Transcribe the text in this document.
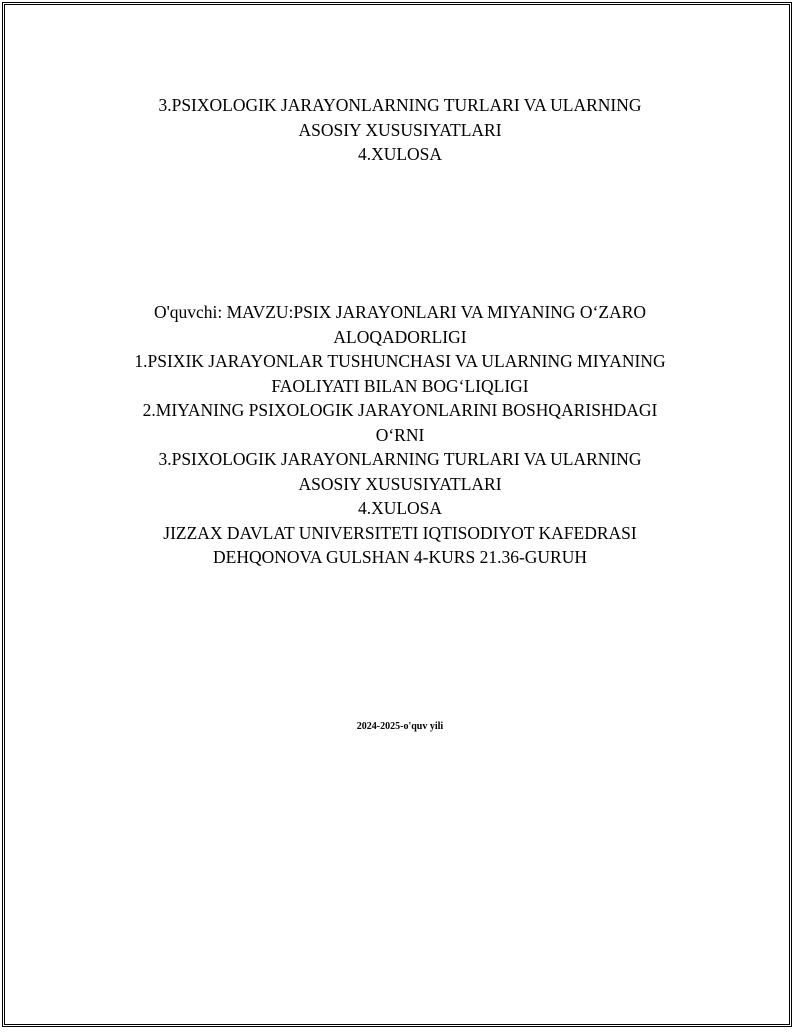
3.PSIXOLOGIK JARAYONLARNING TURLARI VA ULARNING
ASOSIY XUSUSIYATLARI
4.XULOSA
O'quvchi: MAVZU:PSIX JARAYONLARI VA MIYANING O‘ZARO
ALOQADORLIGI
1.PSIXIK JARAYONLAR TUSHUNCHASI VA ULARNING MIYANING
FAOLIYATI BILAN BOG‘LIQLIGI
2.MIYANING PSIXOLOGIK JARAYONLARINI BOSHQARISHDAGI
O‘RNI
3.PSIXOLOGIK JARAYONLARNING TURLARI VA ULARNING
ASOSIY XUSUSIYATLARI
4.XULOSA
JIZZAX DAVLAT UNIVERSITETI IQTISODIYOT KAFEDRASI
DEHQONOVA GULSHAN 4-KURS 21.36-GURUH
2024-2025-o'quv yili
